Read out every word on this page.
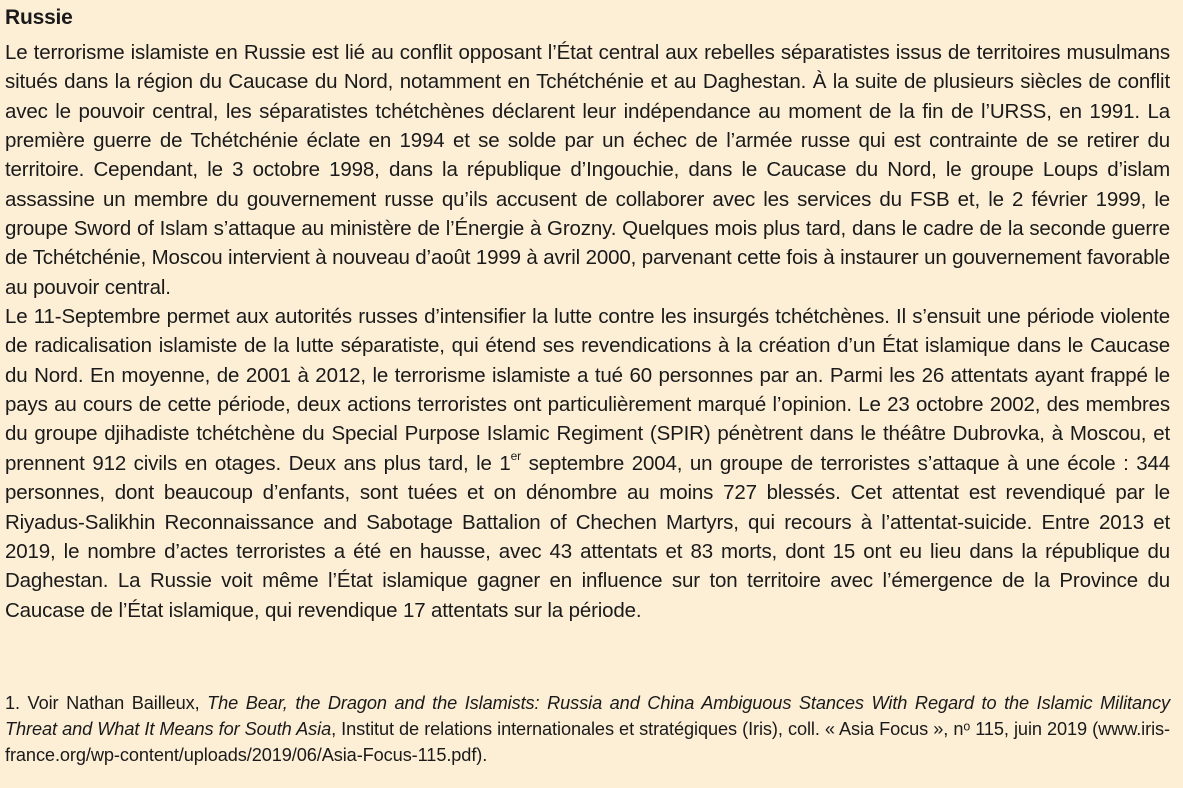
Russie

Le terrorisme islamiste en Russie est lié au conflit opposant l’État central aux rebelles séparatistes issus de territoires musulmans situés dans la région du Caucase du Nord, notamment en Tchétchénie et au Daghestan. À la suite de plusieurs siècles de conflit avec le pouvoir central, les séparatistes tchétchènes déclarent leur indépendance au moment de la fin de l’URSS, en 1991. La première guerre de Tchétchénie éclate en 1994 et se solde par un échec de l’armée russe qui est contrainte de se retirer du territoire. Cependant, le 3 octobre 1998, dans la république d’Ingouchie, dans le Caucase du Nord, le groupe Loups d’islam assassine un membre du gouvernement russe qu’ils accusent de collaborer avec les services du FSB et, le 2 février 1999, le groupe Sword of Islam s’attaque au ministère de l’Énergie à Grozny. Quelques mois plus tard, dans le cadre de la seconde guerre de Tchétchénie, Moscou intervient à nouveau d’août 1999 à avril 2000, parvenant cette fois à instaurer un gouvernement favorable au pouvoir central.

Le 11-Septembre permet aux autorités russes d’intensifier la lutte contre les insurgés tchétchènes. Il s’ensuit une période violente de radicalisation islamiste de la lutte séparatiste, qui étend ses revendications à la création d’un État islamique dans le Caucase du Nord. En moyenne, de 2001 à 2012, le terrorisme islamiste a tué 60 personnes par an. Parmi les 26 attentats ayant frappé le pays au cours de cette période, deux actions terroristes ont particulièrement marqué l’opinion. Le 23 octobre 2002, des membres du groupe djihadiste tchétchène du Special Purpose Islamic Regiment (SPIR) pénètrent dans le théâtre Dubrovka, à Moscou, et prennent 912 civils en otages. Deux ans plus tard, le 1er septembre 2004, un groupe de terroristes s’attaque à une école : 344 personnes, dont beaucoup d’enfants, sont tuées et on dénombre au moins 727 blessés. Cet attentat est revendiqué par le Riyadus-Salikhin Reconnaissance and Sabotage Battalion of Chechen Martyrs, qui recours à l’attentat-suicide. Entre 2013 et 2019, le nombre d’actes terroristes a été en hausse, avec 43 attentats et 83 morts, dont 15 ont eu lieu dans la république du Daghestan. La Russie voit même l’État islamique gagner en influence sur ton territoire avec l’émergence de la Province du Caucase de l’État islamique, qui revendique 17 attentats sur la période.

1. Voir Nathan Bailleux, The Bear, the Dragon and the Islamists: Russia and China Ambiguous Stances With Regard to the Islamic Militancy Threat and What It Means for South Asia, Institut de relations internationales et stratégiques (Iris), coll. « Asia Focus », nᵒ 115, juin 2019 (www.iris-france.org/wp-content/uploads/2019/06/Asia-Focus-115.pdf).
